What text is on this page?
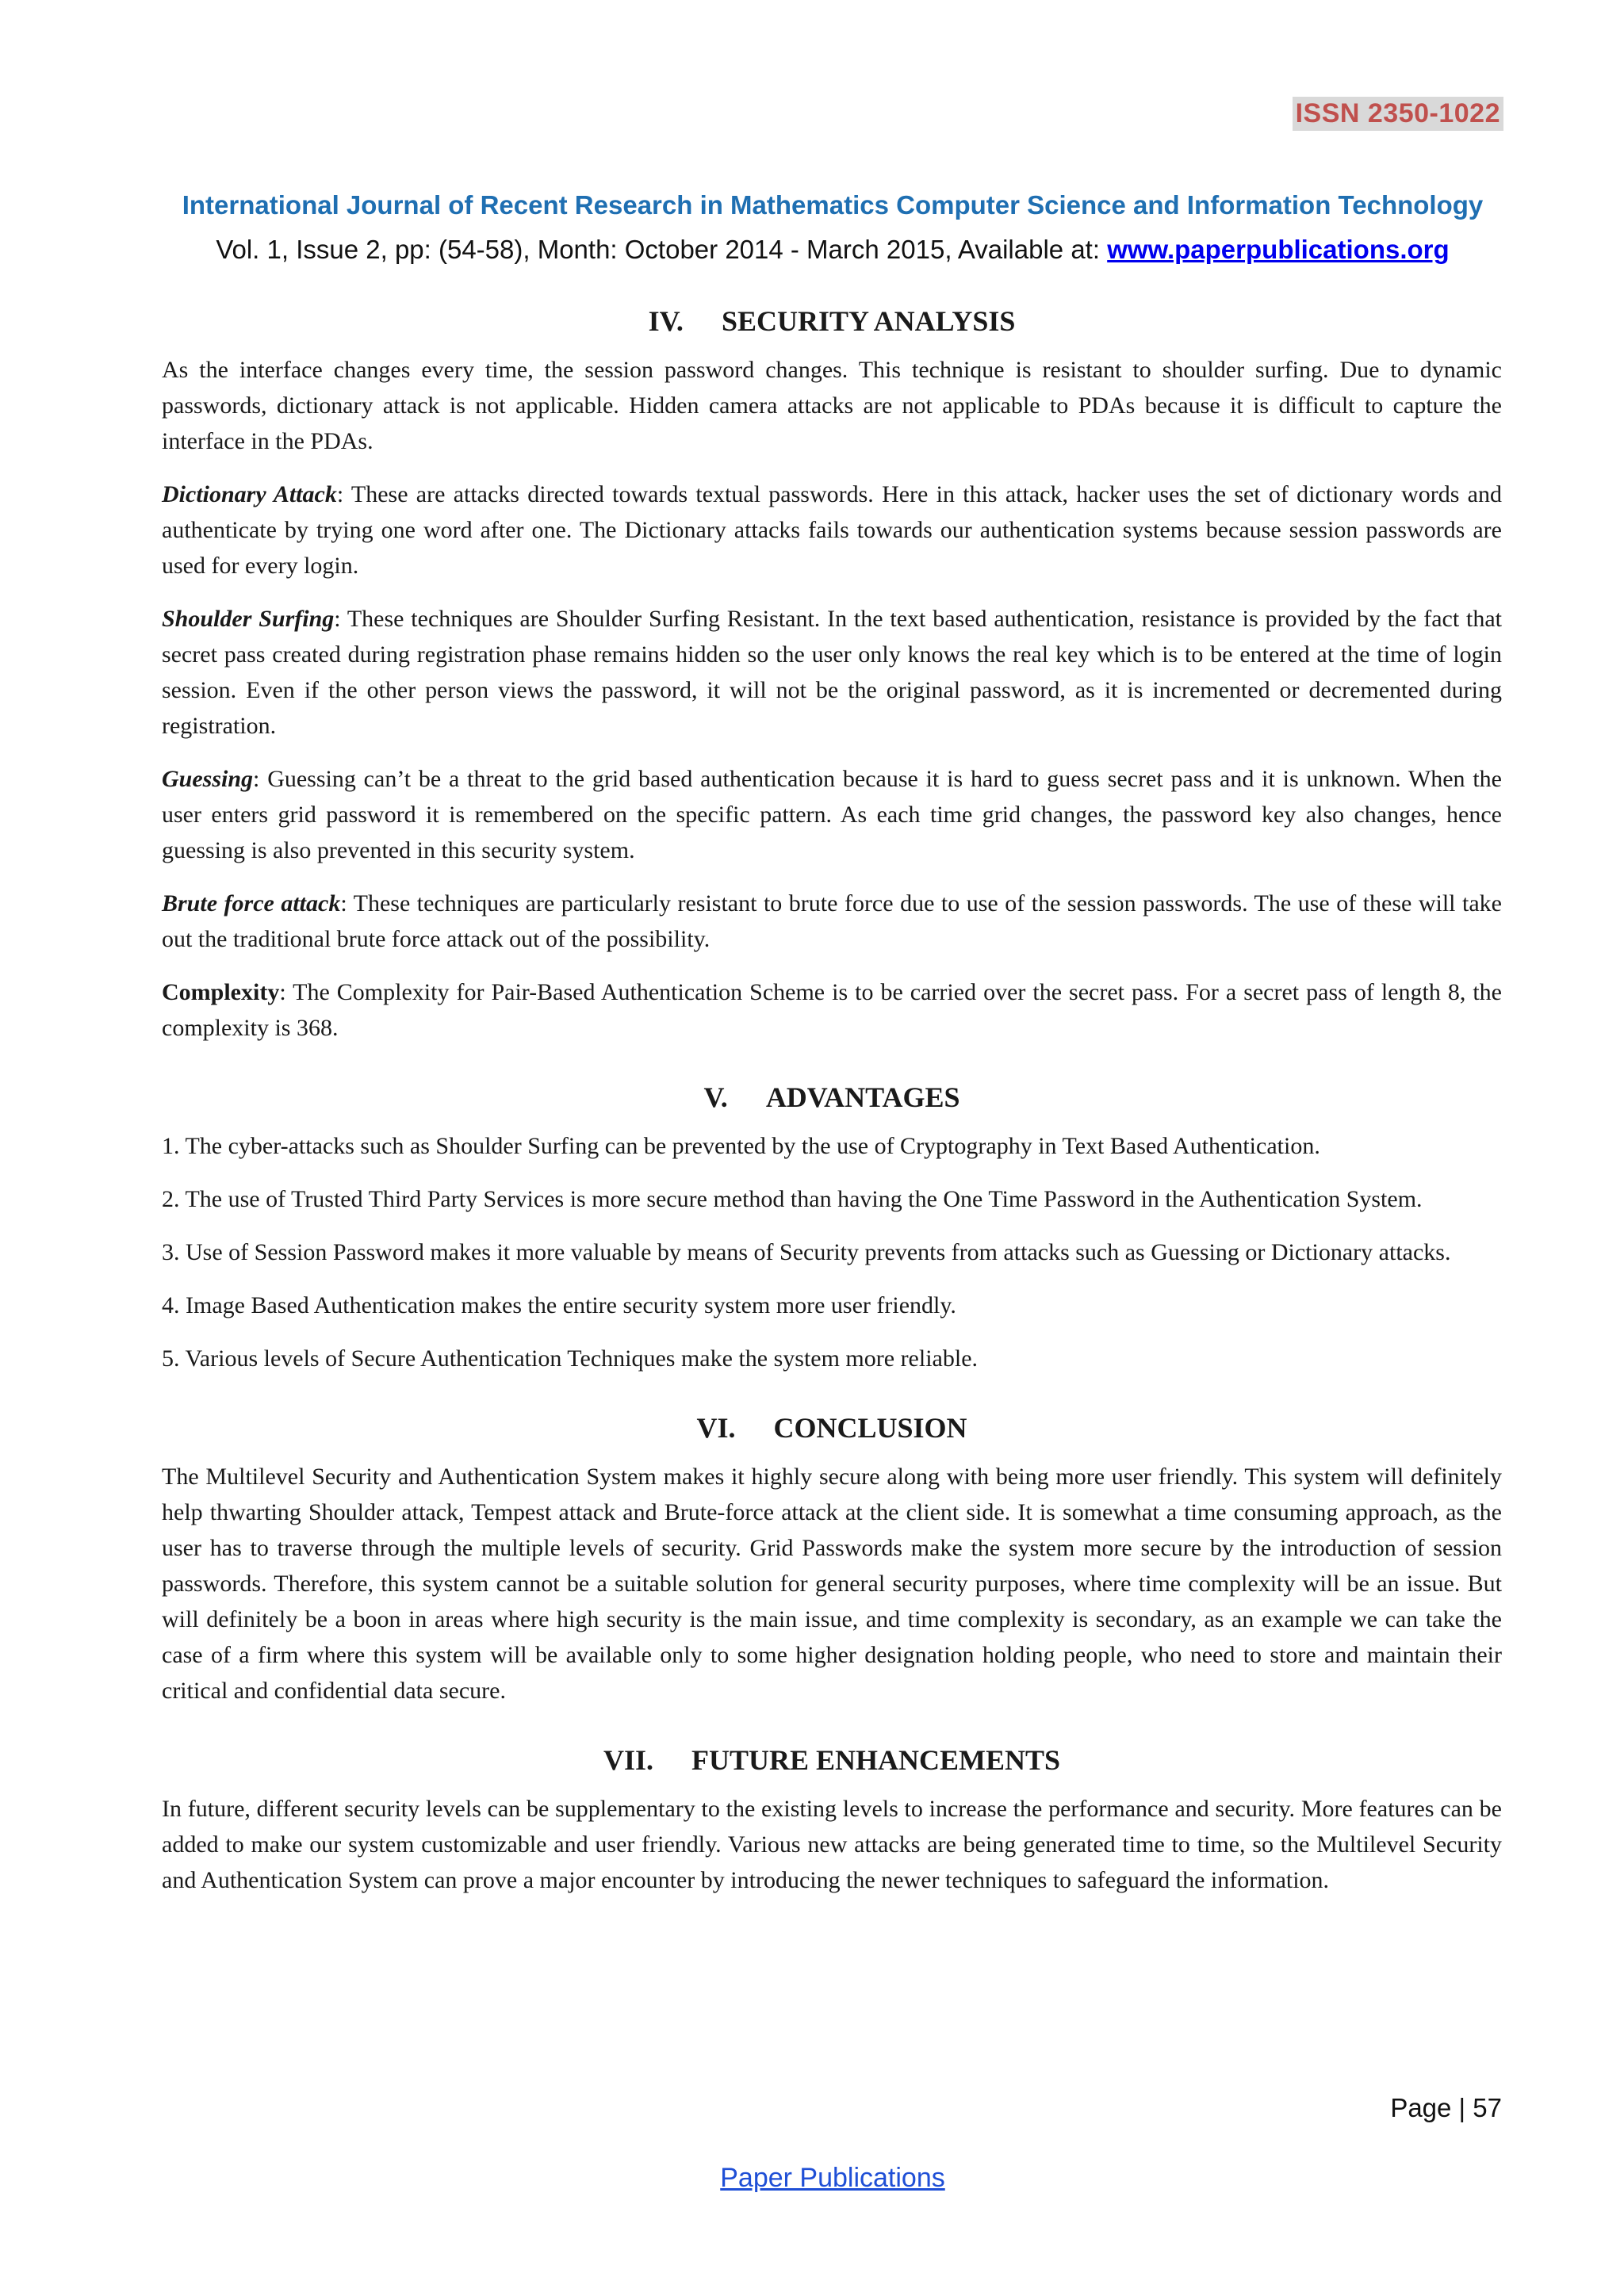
ISSN 2350-1022
International Journal of Recent Research in Mathematics Computer Science and Information Technology
Vol. 1, Issue 2, pp: (54-58), Month: October 2014 - March 2015, Available at: www.paperpublications.org
IV. SECURITY ANALYSIS

As the interface changes every time, the session password changes. This technique is resistant to shoulder surfing. Due to dynamic passwords, dictionary attack is not applicable. Hidden camera attacks are not applicable to PDAs because it is difficult to capture the interface in the PDAs.

Dictionary Attack: These are attacks directed towards textual passwords. Here in this attack, hacker uses the set of dictionary words and authenticate by trying one word after one. The Dictionary attacks fails towards our authentication systems because session passwords are used for every login.

Shoulder Surfing: These techniques are Shoulder Surfing Resistant. In the text based authentication, resistance is provided by the fact that secret pass created during registration phase remains hidden so the user only knows the real key which is to be entered at the time of login session. Even if the other person views the password, it will not be the original password, as it is incremented or decremented during registration.

Guessing: Guessing can’t be a threat to the grid based authentication because it is hard to guess secret pass and it is unknown. When the user enters grid password it is remembered on the specific pattern. As each time grid changes, the password key also changes, hence guessing is also prevented in this security system.

Brute force attack: These techniques are particularly resistant to brute force due to use of the session passwords. The use of these will take out the traditional brute force attack out of the possibility.

Complexity: The Complexity for Pair-Based Authentication Scheme is to be carried over the secret pass. For a secret pass of length 8, the complexity is 368.

V. ADVANTAGES

1. The cyber-attacks such as Shoulder Surfing can be prevented by the use of Cryptography in Text Based Authentication.

2. The use of Trusted Third Party Services is more secure method than having the One Time Password in the Authentication System.

3. Use of Session Password makes it more valuable by means of Security prevents from attacks such as Guessing or Dictionary attacks.

4. Image Based Authentication makes the entire security system more user friendly.

5. Various levels of Secure Authentication Techniques make the system more reliable.

VI. CONCLUSION

The Multilevel Security and Authentication System makes it highly secure along with being more user friendly. This system will definitely help thwarting Shoulder attack, Tempest attack and Brute-force attack at the client side. It is somewhat a time consuming approach, as the user has to traverse through the multiple levels of security. Grid Passwords make the system more secure by the introduction of session passwords. Therefore, this system cannot be a suitable solution for general security purposes, where time complexity will be an issue. But will definitely be a boon in areas where high security is the main issue, and time complexity is secondary, as an example we can take the case of a firm where this system will be available only to some higher designation holding people, who need to store and maintain their critical and confidential data secure.

VII. FUTURE ENHANCEMENTS

In future, different security levels can be supplementary to the existing levels to increase the performance and security. More features can be added to make our system customizable and user friendly. Various new attacks are being generated time to time, so the Multilevel Security and Authentication System can prove a major encounter by introducing the newer techniques to safeguard the information.

Page | 57
Paper Publications
